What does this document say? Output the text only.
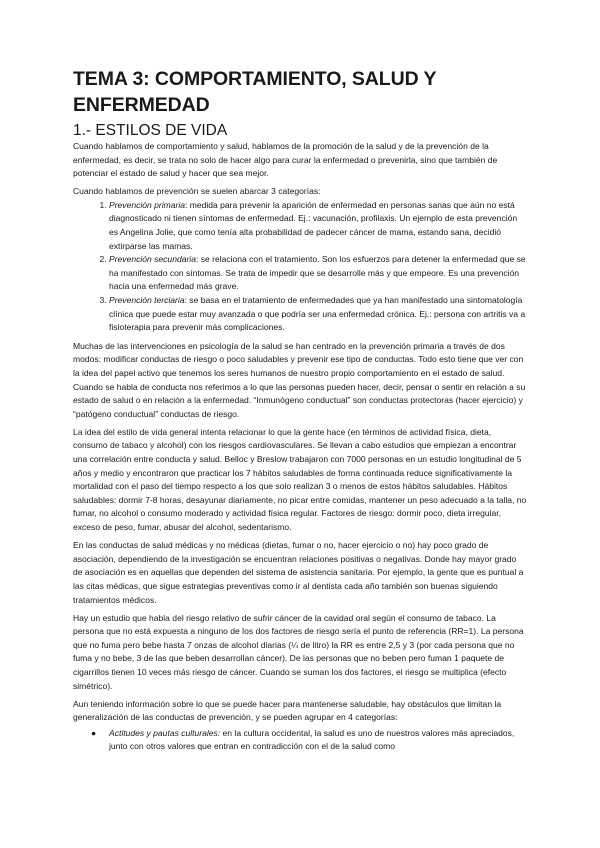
TEMA 3: COMPORTAMIENTO, SALUD Y ENFERMEDAD
1.- ESTILOS DE VIDA

Cuando hablamos de comportamiento y salud, hablamos de la promoción de la salud y de la prevención de la enfermedad, es decir, se trata no solo de hacer algo para curar la enfermedad o prevenirla, sino que también de potenciar el estado de salud y hacer que sea mejor.

Cuando hablamos de prevención se suelen abarcar 3 categorías:

1. Prevención primaria: medida para prevenir la aparición de enfermedad en personas sanas que aún no está diagnosticado ni tienen síntomas de enfermedad. Ej.: vacunación, profilaxis. Un ejemplo de esta prevención es Angelina Jolie, que como tenía alta probabilidad de padecer cáncer de mama, estando sana, decidió extirparse las mamas.
2. Prevención secundaria: se relaciona con el tratamiento. Son los esfuerzos para detener la enfermedad que se ha manifestado con síntomas. Se trata de impedir que se desarrolle más y que empeore. Es una prevención hacia una enfermedad más grave.
3. Prevención terciaria: se basa en el tratamiento de enfermedades que ya han manifestado una sintomatología clínica que puede estar muy avanzada o que podría ser una enfermedad crónica. Ej.: persona con artritis va a fisioterapia para prevenir más complicaciones.

Muchas de las intervenciones en psicología de la salud se han centrado en la prevención primaria a través de dos modos: modificar conductas de riesgo o poco saludables y prevenir ese tipo de conductas. Todo esto tiene que ver con la idea del papel activo que tenemos los seres humanos de nuestro propio comportamiento en el estado de salud. Cuando se habla de conducta nos referimos a lo que las personas pueden hacer, decir, pensar o sentir en relación a su estado de salud o en relación a la enfermedad. “Inmunógeno conductual” son conductas protectoras (hacer ejercicio) y “patógeno conductual” conductas de riesgo.

La idea del estilo de vida general intenta relacionar lo que la gente hace (en términos de actividad física, dieta, consumo de tabaco y alcohol) con los riesgos cardiovasculares. Se llevan a cabo estudios que empiezan a encontrar una correlación entre conducta y salud. Belloc y Breslow trabajaron con 7000 personas en un estudio longitudinal de 5 años y medio y encontraron que practicar los 7 hábitos saludables de forma continuada reduce significativamente la mortalidad con el paso del tiempo respecto a los que solo realizan 3 o menos de estos hábitos saludables. Hábitos saludables: dormir 7-8 horas, desayunar diariamente, no picar entre comidas, mantener un peso adecuado a la talla, no fumar, no alcohol o consumo moderado y actividad física regular. Factores de riesgo: dormir poco, dieta irregular, exceso de peso, fumar, abusar del alcohol, sedentarismo.

En las conductas de salud médicas y no médicas (dietas, fumar o no, hacer ejercicio o no) hay poco grado de asociación, dependiendo de la investigación se encuentran relaciones positivas o negativas. Donde hay mayor grado de asociación es en aquellas que dependen del sistema de asistencia sanitaria. Por ejemplo, la gente que es puntual a las citas médicas, que sigue estrategias preventivas como ir al dentista cada año también son buenas siguiendo tratamientos médicos.

Hay un estudio que habla del riesgo relativo de sufrir cáncer de la cavidad oral según el consumo de tabaco. La persona que no está expuesta a ninguno de los dos factores de riesgo sería el punto de referencia (RR=1). La persona que no fuma pero bebe hasta 7 onzas de alcohol diarias (¼ de litro) la RR es entre 2,5 y 3 (por cada persona que no fuma y no bebe, 3 de las que beben desarrollan cáncer). De las personas que no beben pero fuman 1 paquete de cigarrillos tienen 10 veces más riesgo de cáncer. Cuando se suman los dos factores, el riesgo se multiplica (efecto simétrico).

Aun teniendo información sobre lo que se puede hacer para mantenerse saludable, hay obstáculos que limitan la generalización de las conductas de prevención, y se pueden agrupar en 4 categorías:

● Actitudes y pautas culturales: en la cultura occidental, la salud es uno de nuestros valores más apreciados, junto con otros valores que entran en contradicción con el de la salud como
